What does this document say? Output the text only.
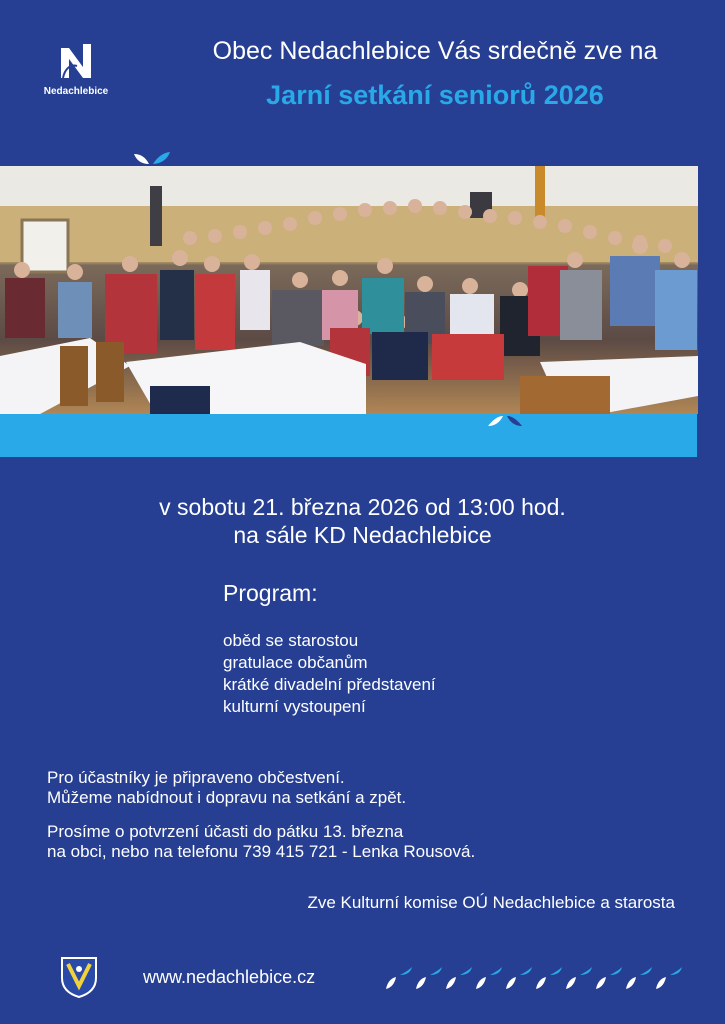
Nedachlebice
Obec Nedachlebice Vás srdečně zve na
Jarní setkání seniorů 2026
v sobotu 21. března 2026 od 13:00 hod.
na sále KD Nedachlebice
Program:
oběd se starostou
gratulace občanům
krátké divadelní představení
kulturní vystoupení
Pro účastníky je připraveno občestvení.
Můžeme nabídnout i dopravu na setkání a zpět.
Prosíme o potvrzení účasti do pátku 13. března
na obci, nebo na telefonu 739 415 721 - Lenka Rousová.
Zve Kulturní komise OÚ Nedachlebice a starosta
www.nedachlebice.cz
